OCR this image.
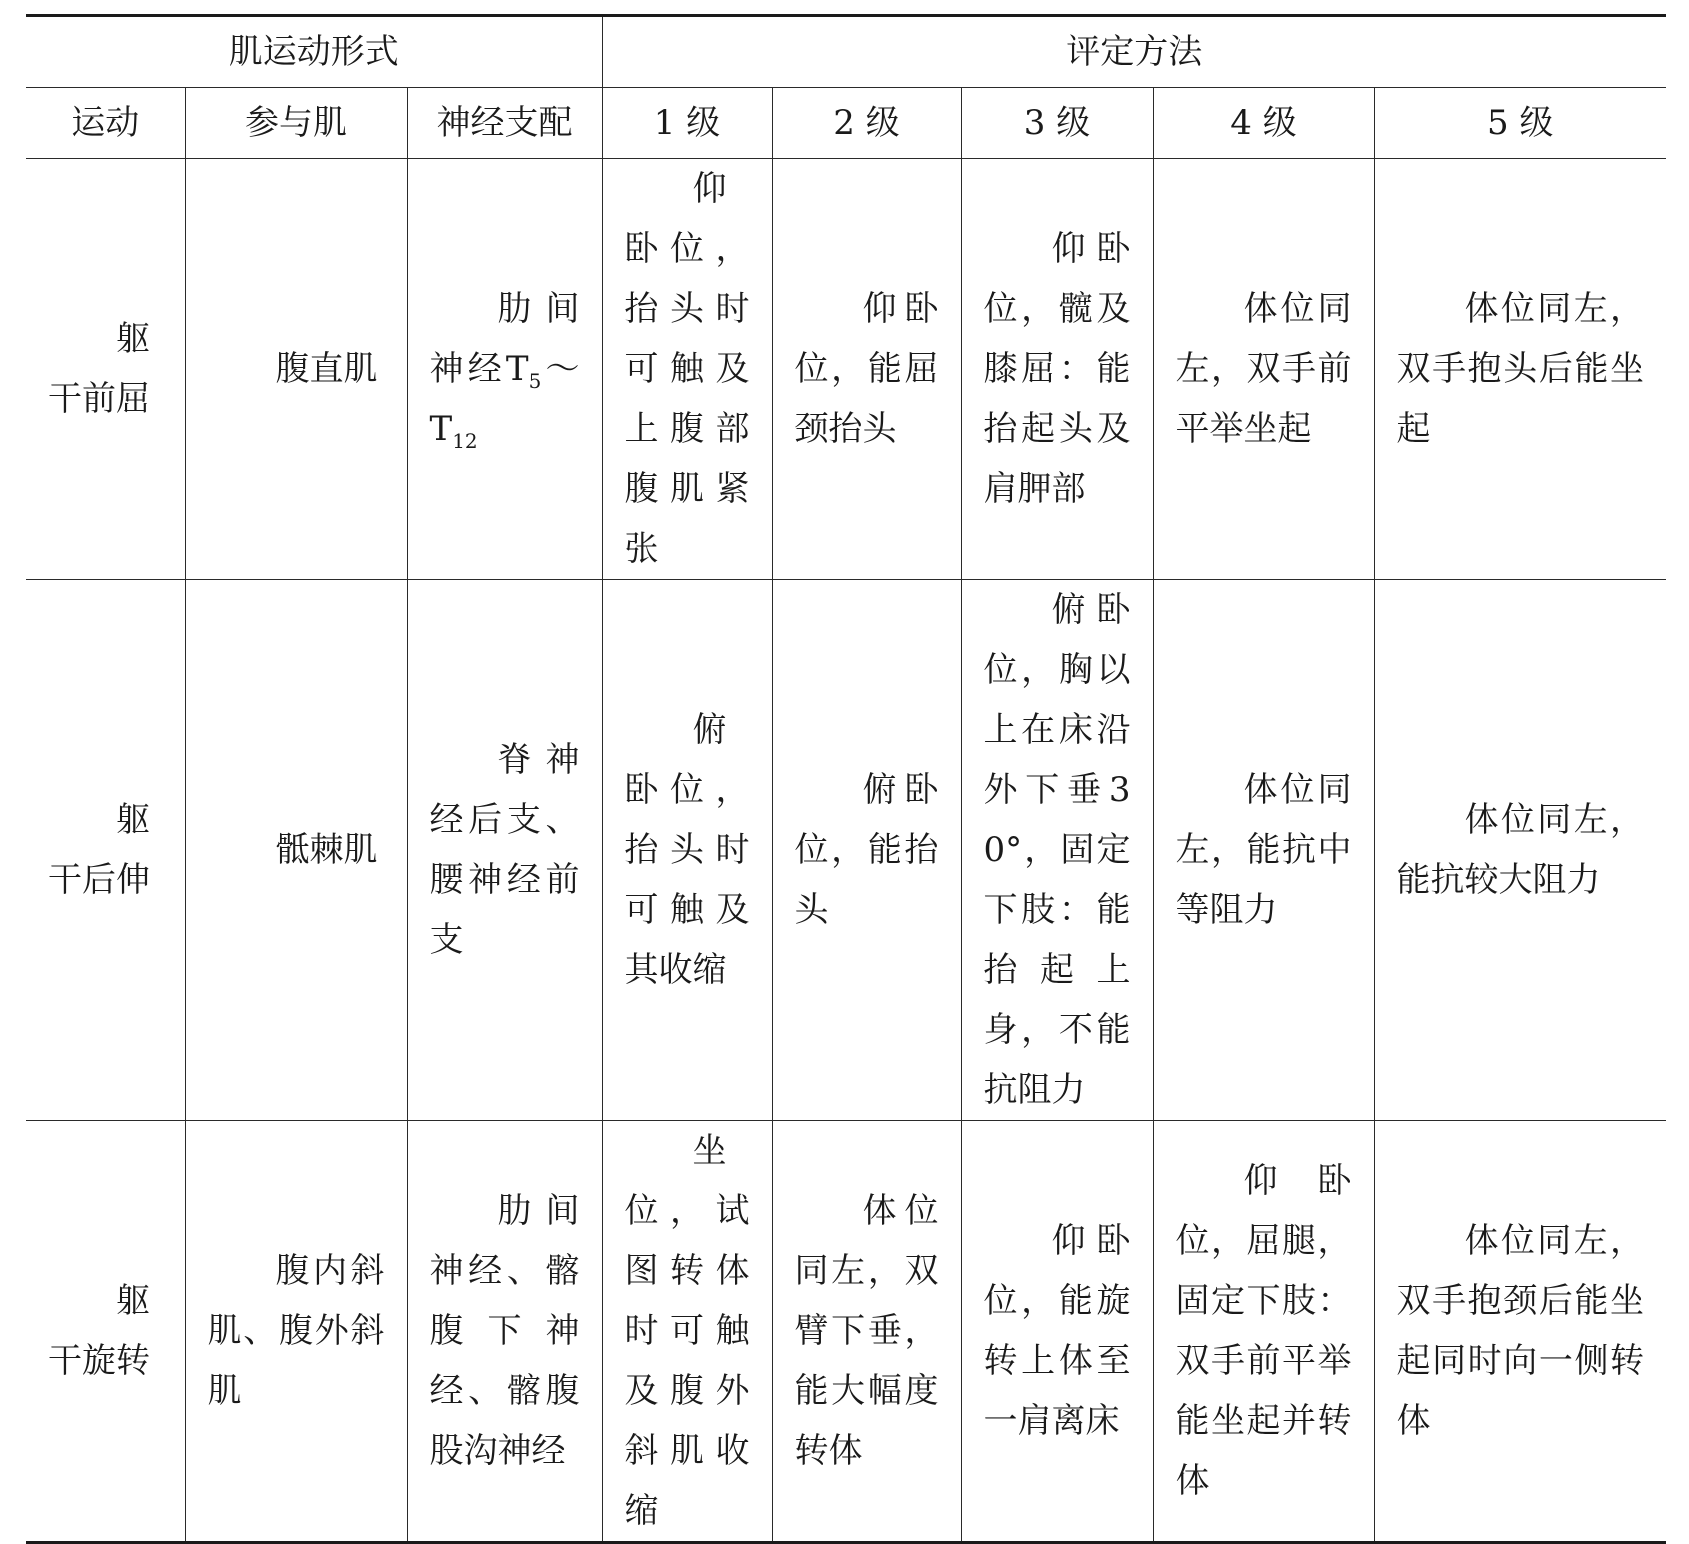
肌运动形式			评定方法				
运动	参与肌	神经支配	1 级	2 级	3 级	4 级	5 级
躯干前屈	腹直肌	肋间神经$T_5\sim T_{12}$	仰卧位，抬头时可触及上腹部腹肌紧张	仰卧位，能屈颈抬头	仰卧位，髋及膝屈：能抬起头及肩胛部	体位同左，双手前平举坐起	体位同左，双手抱头后能坐起
躯干后伸	骶棘肌	脊神经后支、腰神经前支	俯卧位，抬头时可触及其收缩	俯卧位，能抬头	俯卧位，胸以上在床沿外下垂30°，固定下肢：能抬起上身，不能抗阻力	体位同左，能抗中等阻力	体位同左，能抗较大阻力
躯干旋转	腹内斜肌、腹外斜肌	肋间神经、髂腹下神经、髂腹股沟神经	坐位，试图转体时可触及腹外斜肌收缩	体位同左，双臂下垂，能大幅度转体	仰卧位，能旋转上体至一肩离床	仰卧位，屈腿，固定下肢：双手前平举能坐起并转体	体位同左，双手抱颈后能坐起同时向一侧转体
